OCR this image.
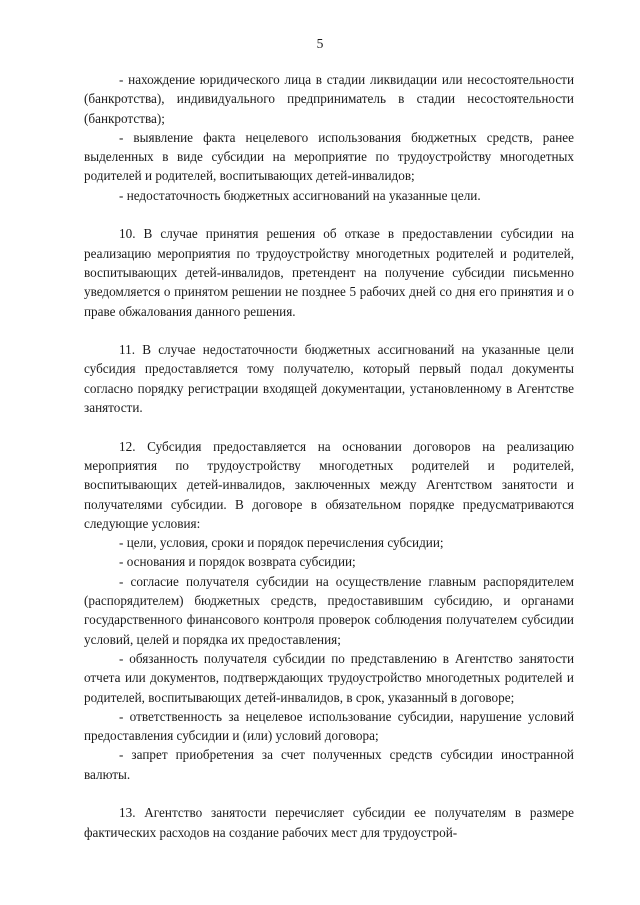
5

- нахождение юридического лица в стадии ликвидации или несостоятельности (банкротства), индивидуального предприниматель в стадии несостоятельности (банкротства);

- выявление факта нецелевого использования бюджетных средств, ранее выделенных в виде субсидии на мероприятие по трудоустройству многодетных родителей и родителей, воспитывающих детей-инвалидов;

- недостаточность бюджетных ассигнований на указанные цели.

10. В случае принятия решения об отказе в предоставлении субсидии на реализацию мероприятия по трудоустройству многодетных родителей и родителей, воспитывающих детей-инвалидов, претендент на получение субсидии письменно уведомляется о принятом решении не позднее 5 рабочих дней со дня его принятия и о праве обжалования данного решения.

11. В случае недостаточности бюджетных ассигнований на указанные цели субсидия предоставляется тому получателю, который первый подал документы согласно порядку регистрации входящей документации, установленному в Агентстве занятости.

12. Субсидия предоставляется на основании договоров на реализацию мероприятия по трудоустройству многодетных родителей и родителей, воспитывающих детей-инвалидов, заключенных между Агентством занятости и получателями субсидии. В договоре в обязательном порядке предусматриваются следующие условия:

- цели, условия, сроки и порядок перечисления субсидии;

- основания и порядок возврата субсидии;

- согласие получателя субсидии на осуществление главным распорядителем (распорядителем) бюджетных средств, предоставившим субсидию, и органами государственного финансового контроля проверок соблюдения получателем субсидии условий, целей и порядка их предоставления;

- обязанность получателя субсидии по представлению в Агентство занятости отчета или документов, подтверждающих трудоустройство многодетных родителей и родителей, воспитывающих детей-инвалидов, в срок, указанный в договоре;

- ответственность за нецелевое использование субсидии, нарушение условий предоставления субсидии и (или) условий договора;

- запрет приобретения за счет полученных средств субсидии иностранной валюты.

13. Агентство занятости перечисляет субсидии ее получателям в размере фактических расходов на создание рабочих мест для трудоустрой-
